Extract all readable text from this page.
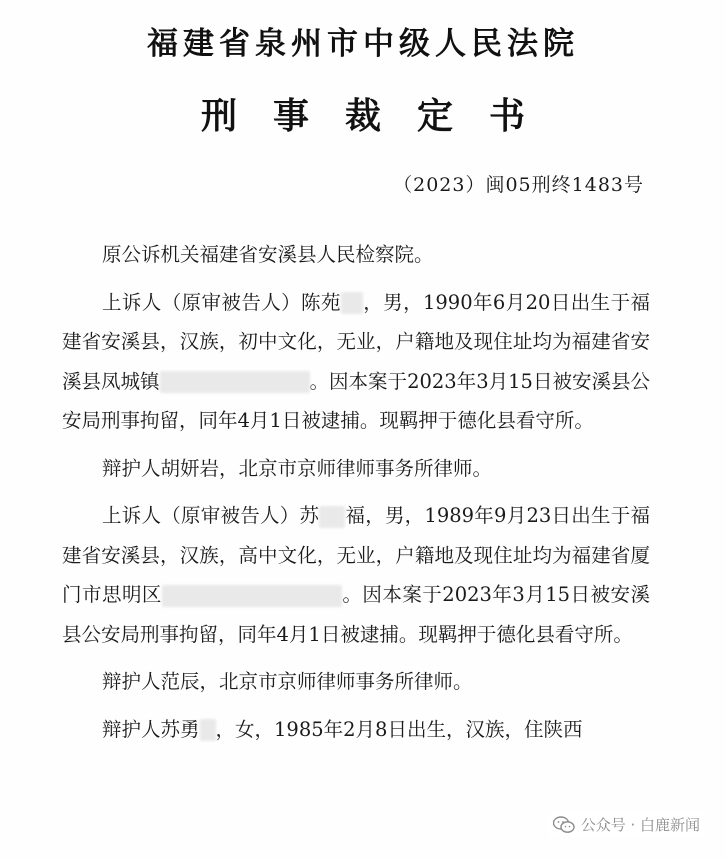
福建省泉州市中级人民法院
刑事裁定书
（2023）闽05刑终1483号

原公诉机关福建省安溪县人民检察院。

上诉人（原审被告人）陈苑 ，男，1990年6月20日出生于福建省安溪县，汉族，初中文化，无业，户籍地及现住址均为福建省安溪县凤城镇	。因本案于2023年3月15日被安溪县公安局刑事拘留，同年4月1日被逮捕。现羁押于德化县看守所。

辩护人胡妍岩，北京市京师律师事务所律师。

上诉人（原审被告人）苏 福，男，1989年9月23日出生于福建省安溪县，汉族，高中文化，无业，户籍地及现住址均为福建省厦门市思明区	。因本案于2023年3月15日被安溪县公安局刑事拘留，同年4月1日被逮捕。现羁押于德化县看守所。

辩护人范辰，北京市京师律师事务所律师。

辩护人苏勇 ，女，1985年2月8日出生，汉族，住陕西

公众号 · 白鹿新闻
